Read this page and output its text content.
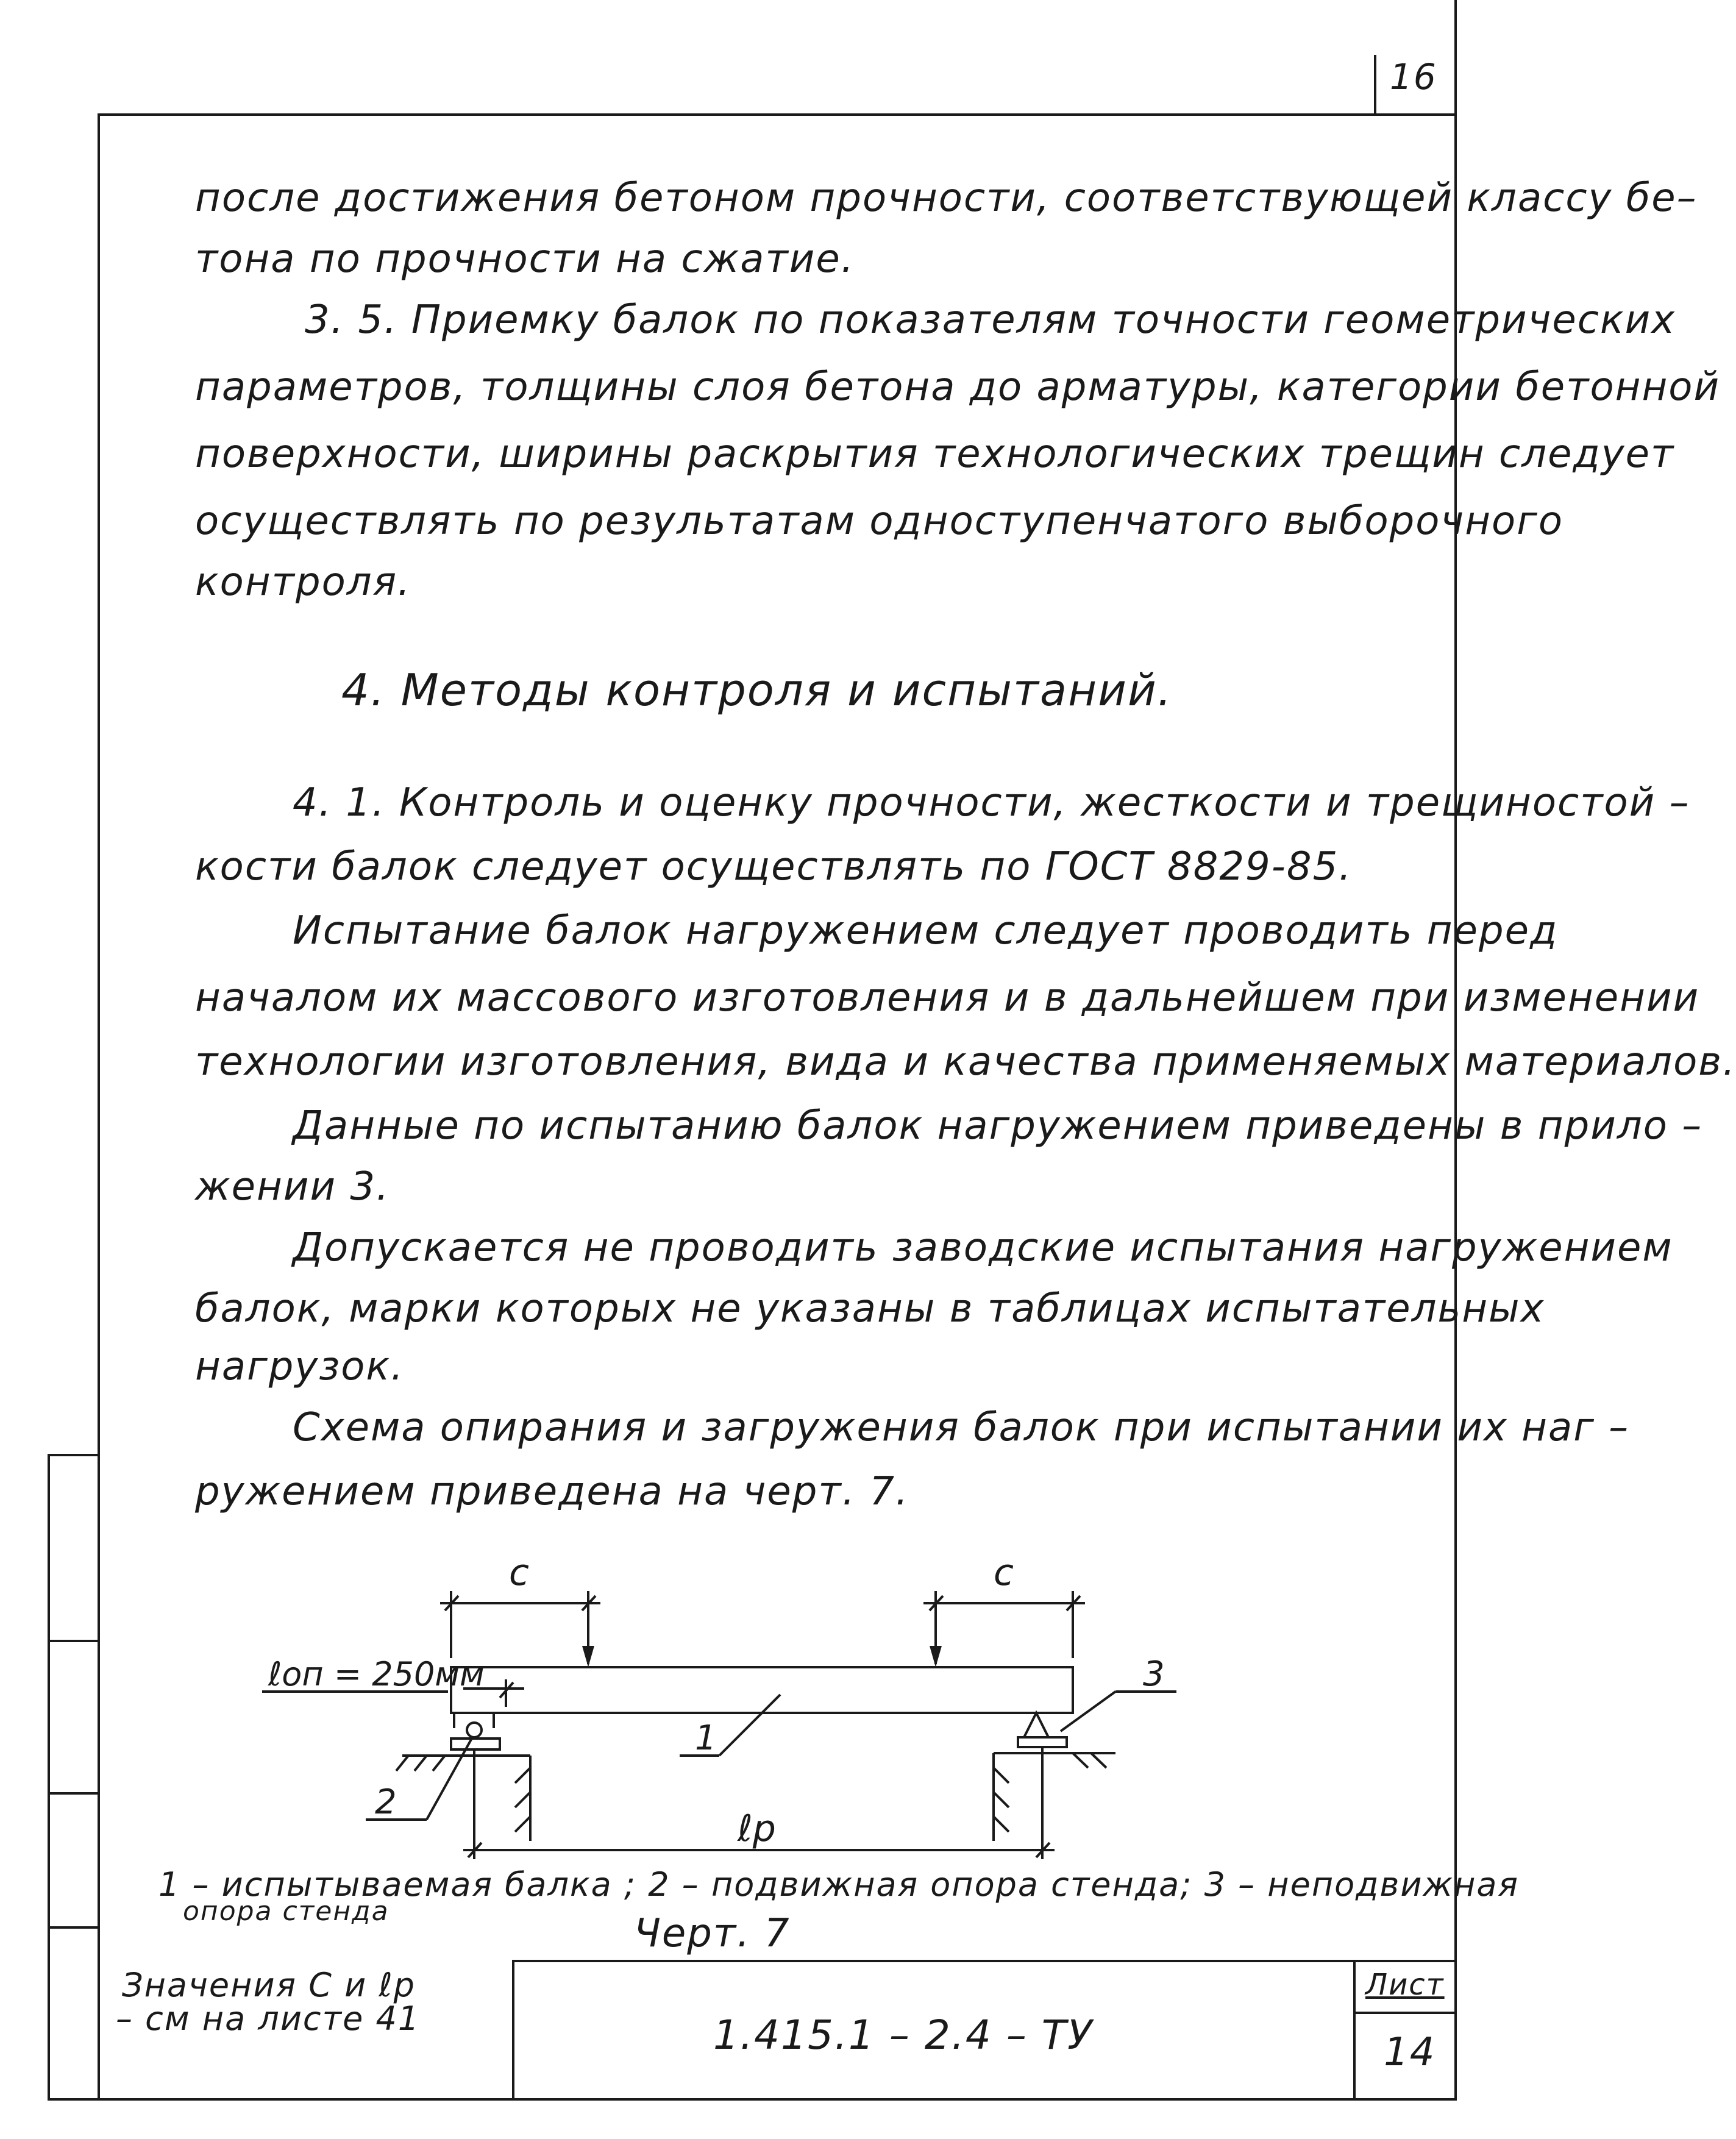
16
после достижения бетоном прочности, соответствующей классу бе–
тона по прочности на сжатие.
3. 5. Приемку балок по показателям точности геометрических
параметров, толщины слоя бетона до арматуры, категории бетонной
поверхности, ширины раскрытия технологических трещин следует
осуществлять по результатам одноступенчатого выборочного
контроля.
4. Методы контроля и испытаний.
4. 1. Контроль и оценку прочности, жесткости и трещиностой –
кости балок следует осуществлять по ГОСТ 8829-85.
Испытание балок нагружением следует проводить перед
началом их массового изготовления и в дальнейшем при изменении
технологии изготовления, вида и качества применяемых материалов.
Данные по испытанию балок нагружением приведены в прило –
жении 3.
Допускается не проводить заводские испытания нагружением
балок, марки которых не указаны в таблицах испытательных
нагрузок.
Схема опирания и загружения балок при испытании их наг –
ружением приведена на черт. 7.
c	c
ℓоп = 250мм
1
2
3
ℓр
1 – испытываемая балка ; 2 – подвижная опора стенда; 3 – неподвижная
опора стенда	Черт. 7
Значения C и ℓр
– см на листе 41	1.415.1 – 2.4 – ТУ
Лист
14
